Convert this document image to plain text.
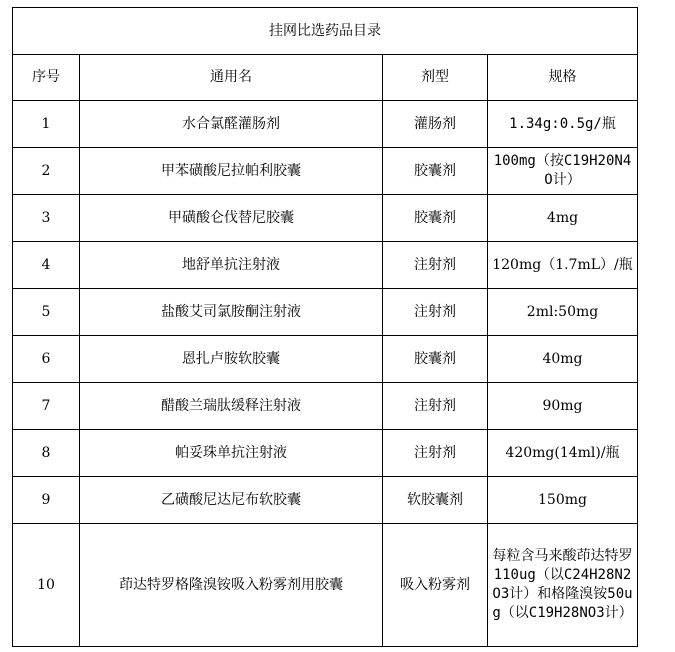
挂网比选药品目录			
序号	通用名	剂型	规格
1	水合氯醛灌肠剂	灌肠剂	1.34g:0.5g/瓶
2	甲苯磺酸尼拉帕利胶囊	胶囊剂	100mg（按C19H20N4O计）
3	甲磺酸仑伐替尼胶囊	胶囊剂	4mg
4	地舒单抗注射液	注射剂	120mg（1.7mL）/瓶
5	盐酸艾司氯胺酮注射液	注射剂	2ml:50mg
6	恩扎卢胺软胶囊	胶囊剂	40mg
7	醋酸兰瑞肽缓释注射液	注射剂	90mg
8	帕妥珠单抗注射液	注射剂	420mg(14ml)/瓶
9	乙磺酸尼达尼布软胶囊	软胶囊剂	150mg
10	茚达特罗格隆溴铵吸入粉雾剂用胶囊	吸入粉雾剂	每粒含马来酸茚达特罗110ug（以C24H28N2O3计）和格隆溴铵50ug（以C19H28NO3计）
